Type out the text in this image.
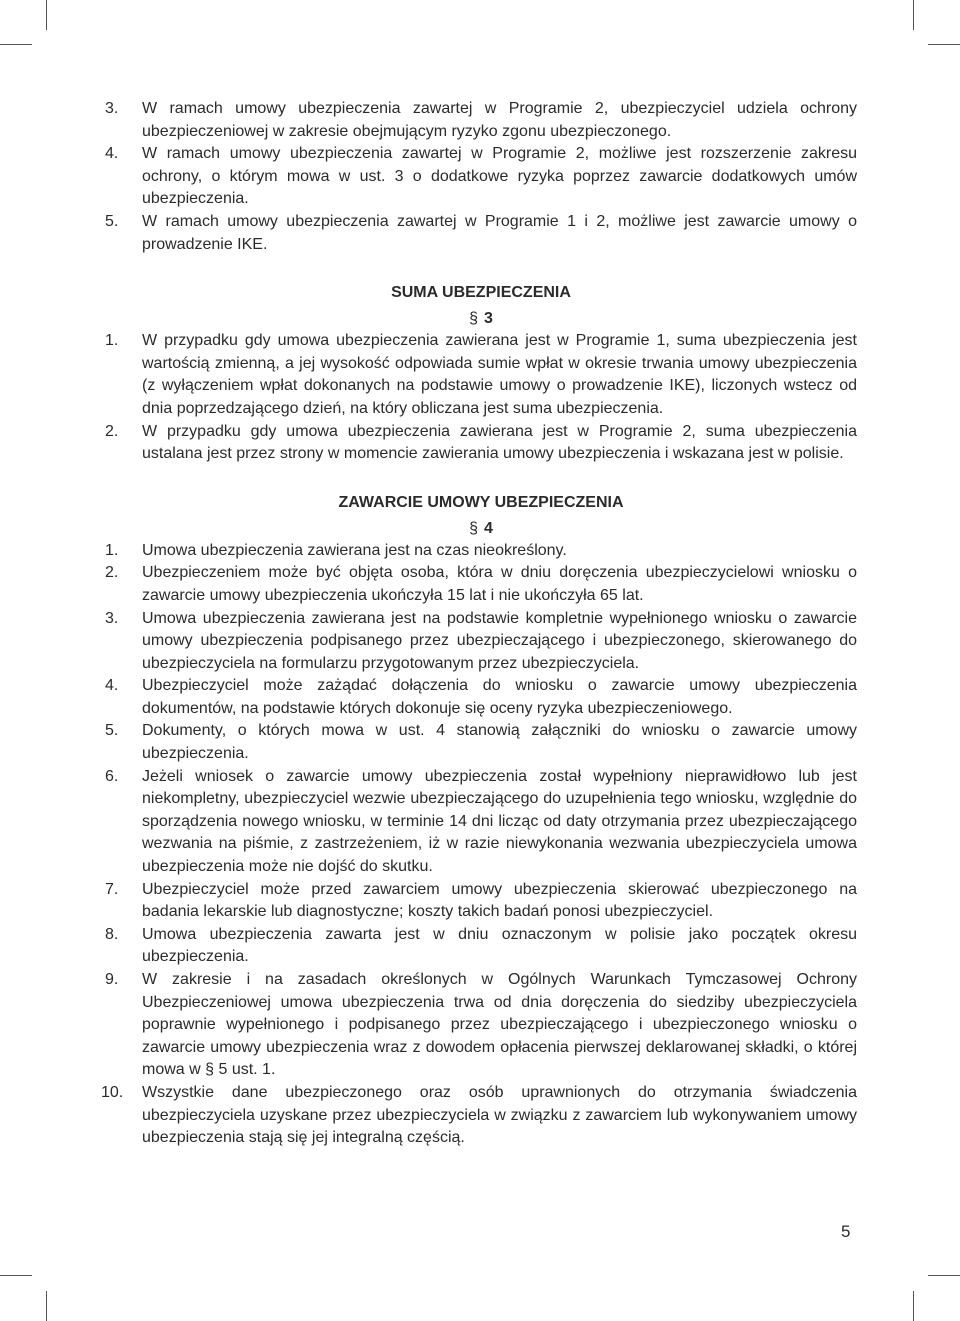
3.	W ramach umowy ubezpieczenia zawartej w Programie 2, ubezpieczyciel udziela ochrony ubezpieczeniowej w zakresie obejmującym ryzyko zgonu ubezpieczonego.

4.	W ramach umowy ubezpieczenia zawartej w Programie 2, możliwe jest rozszerzenie zakresu ochrony, o którym mowa w ust. 3 o dodatkowe ryzyka poprzez zawarcie dodatkowych umów ubezpieczenia.

5.	W ramach umowy ubezpieczenia zawartej w Programie 1 i 2, możliwe jest zawarcie umowy o prowadzenie IKE.

SUMA UBEZPIECZENIA

§ 3

1.	W przypadku gdy umowa ubezpieczenia zawierana jest w Programie 1, suma ubezpieczenia jest wartością zmienną, a jej wysokość odpowiada sumie wpłat w okresie trwania umowy ubezpieczenia (z wyłączeniem wpłat dokonanych na podstawie umowy o prowadzenie IKE), liczonych wstecz od dnia poprzedzającego dzień, na który obliczana jest suma ubezpieczenia.

2.	W przypadku gdy umowa ubezpieczenia zawierana jest w Programie 2, suma ubezpieczenia ustalana jest przez strony w momencie zawierania umowy ubezpieczenia i wskazana jest w polisie.

ZAWARCIE UMOWY UBEZPIECZENIA

§ 4

1.	Umowa ubezpieczenia zawierana jest na czas nieokreślony.

2.	Ubezpieczeniem może być objęta osoba, która w dniu doręczenia ubezpieczycielowi wniosku o zawarcie umowy ubezpieczenia ukończyła 15 lat i nie ukończyła 65 lat.

3.	Umowa ubezpieczenia zawierana jest na podstawie kompletnie wypełnionego wniosku o zawarcie umowy ubezpieczenia podpisanego przez ubezpieczającego i ubezpieczonego, skierowanego do ubezpieczyciela na formularzu przygotowanym przez ubezpieczyciela.

4.	Ubezpieczyciel może zażądać dołączenia do wniosku o zawarcie umowy ubezpieczenia dokumentów, na podstawie których dokonuje się oceny ryzyka ubezpieczeniowego.

5.	Dokumenty, o których mowa w ust. 4 stanowią załączniki do wniosku o zawarcie umowy ubezpieczenia.

6.	Jeżeli wniosek o zawarcie umowy ubezpieczenia został wypełniony nieprawidłowo lub jest niekompletny, ubezpieczyciel wezwie ubezpieczającego do uzupełnienia tego wniosku, względnie do sporządzenia nowego wniosku, w terminie 14 dni licząc od daty otrzymania przez ubezpieczającego wezwania na piśmie, z zastrzeżeniem, iż w razie niewykonania wezwania ubezpieczyciela umowa ubezpieczenia może nie dojść do skutku.

7.	Ubezpieczyciel może przed zawarciem umowy ubezpieczenia skierować ubezpieczonego na badania lekarskie lub diagnostyczne; koszty takich badań ponosi ubezpieczyciel.

8.	Umowa ubezpieczenia zawarta jest w dniu oznaczonym w polisie jako początek okresu ubezpieczenia.

9.	W zakresie i na zasadach określonych w Ogólnych Warunkach Tymczasowej Ochrony Ubezpieczeniowej umowa ubezpieczenia trwa od dnia doręczenia do siedziby ubezpieczyciela poprawnie wypełnionego i podpisanego przez ubezpieczającego i ubezpieczonego wniosku o zawarcie umowy ubezpieczenia wraz z dowodem opłacenia pierwszej deklarowanej składki, o której mowa w § 5 ust. 1.

10.	Wszystkie dane ubezpieczonego oraz osób uprawnionych do otrzymania świadczenia ubezpieczyciela uzyskane przez ubezpieczyciela w związku z zawarciem lub wykonywaniem umowy ubezpieczenia stają się jej integralną częścią.

5
